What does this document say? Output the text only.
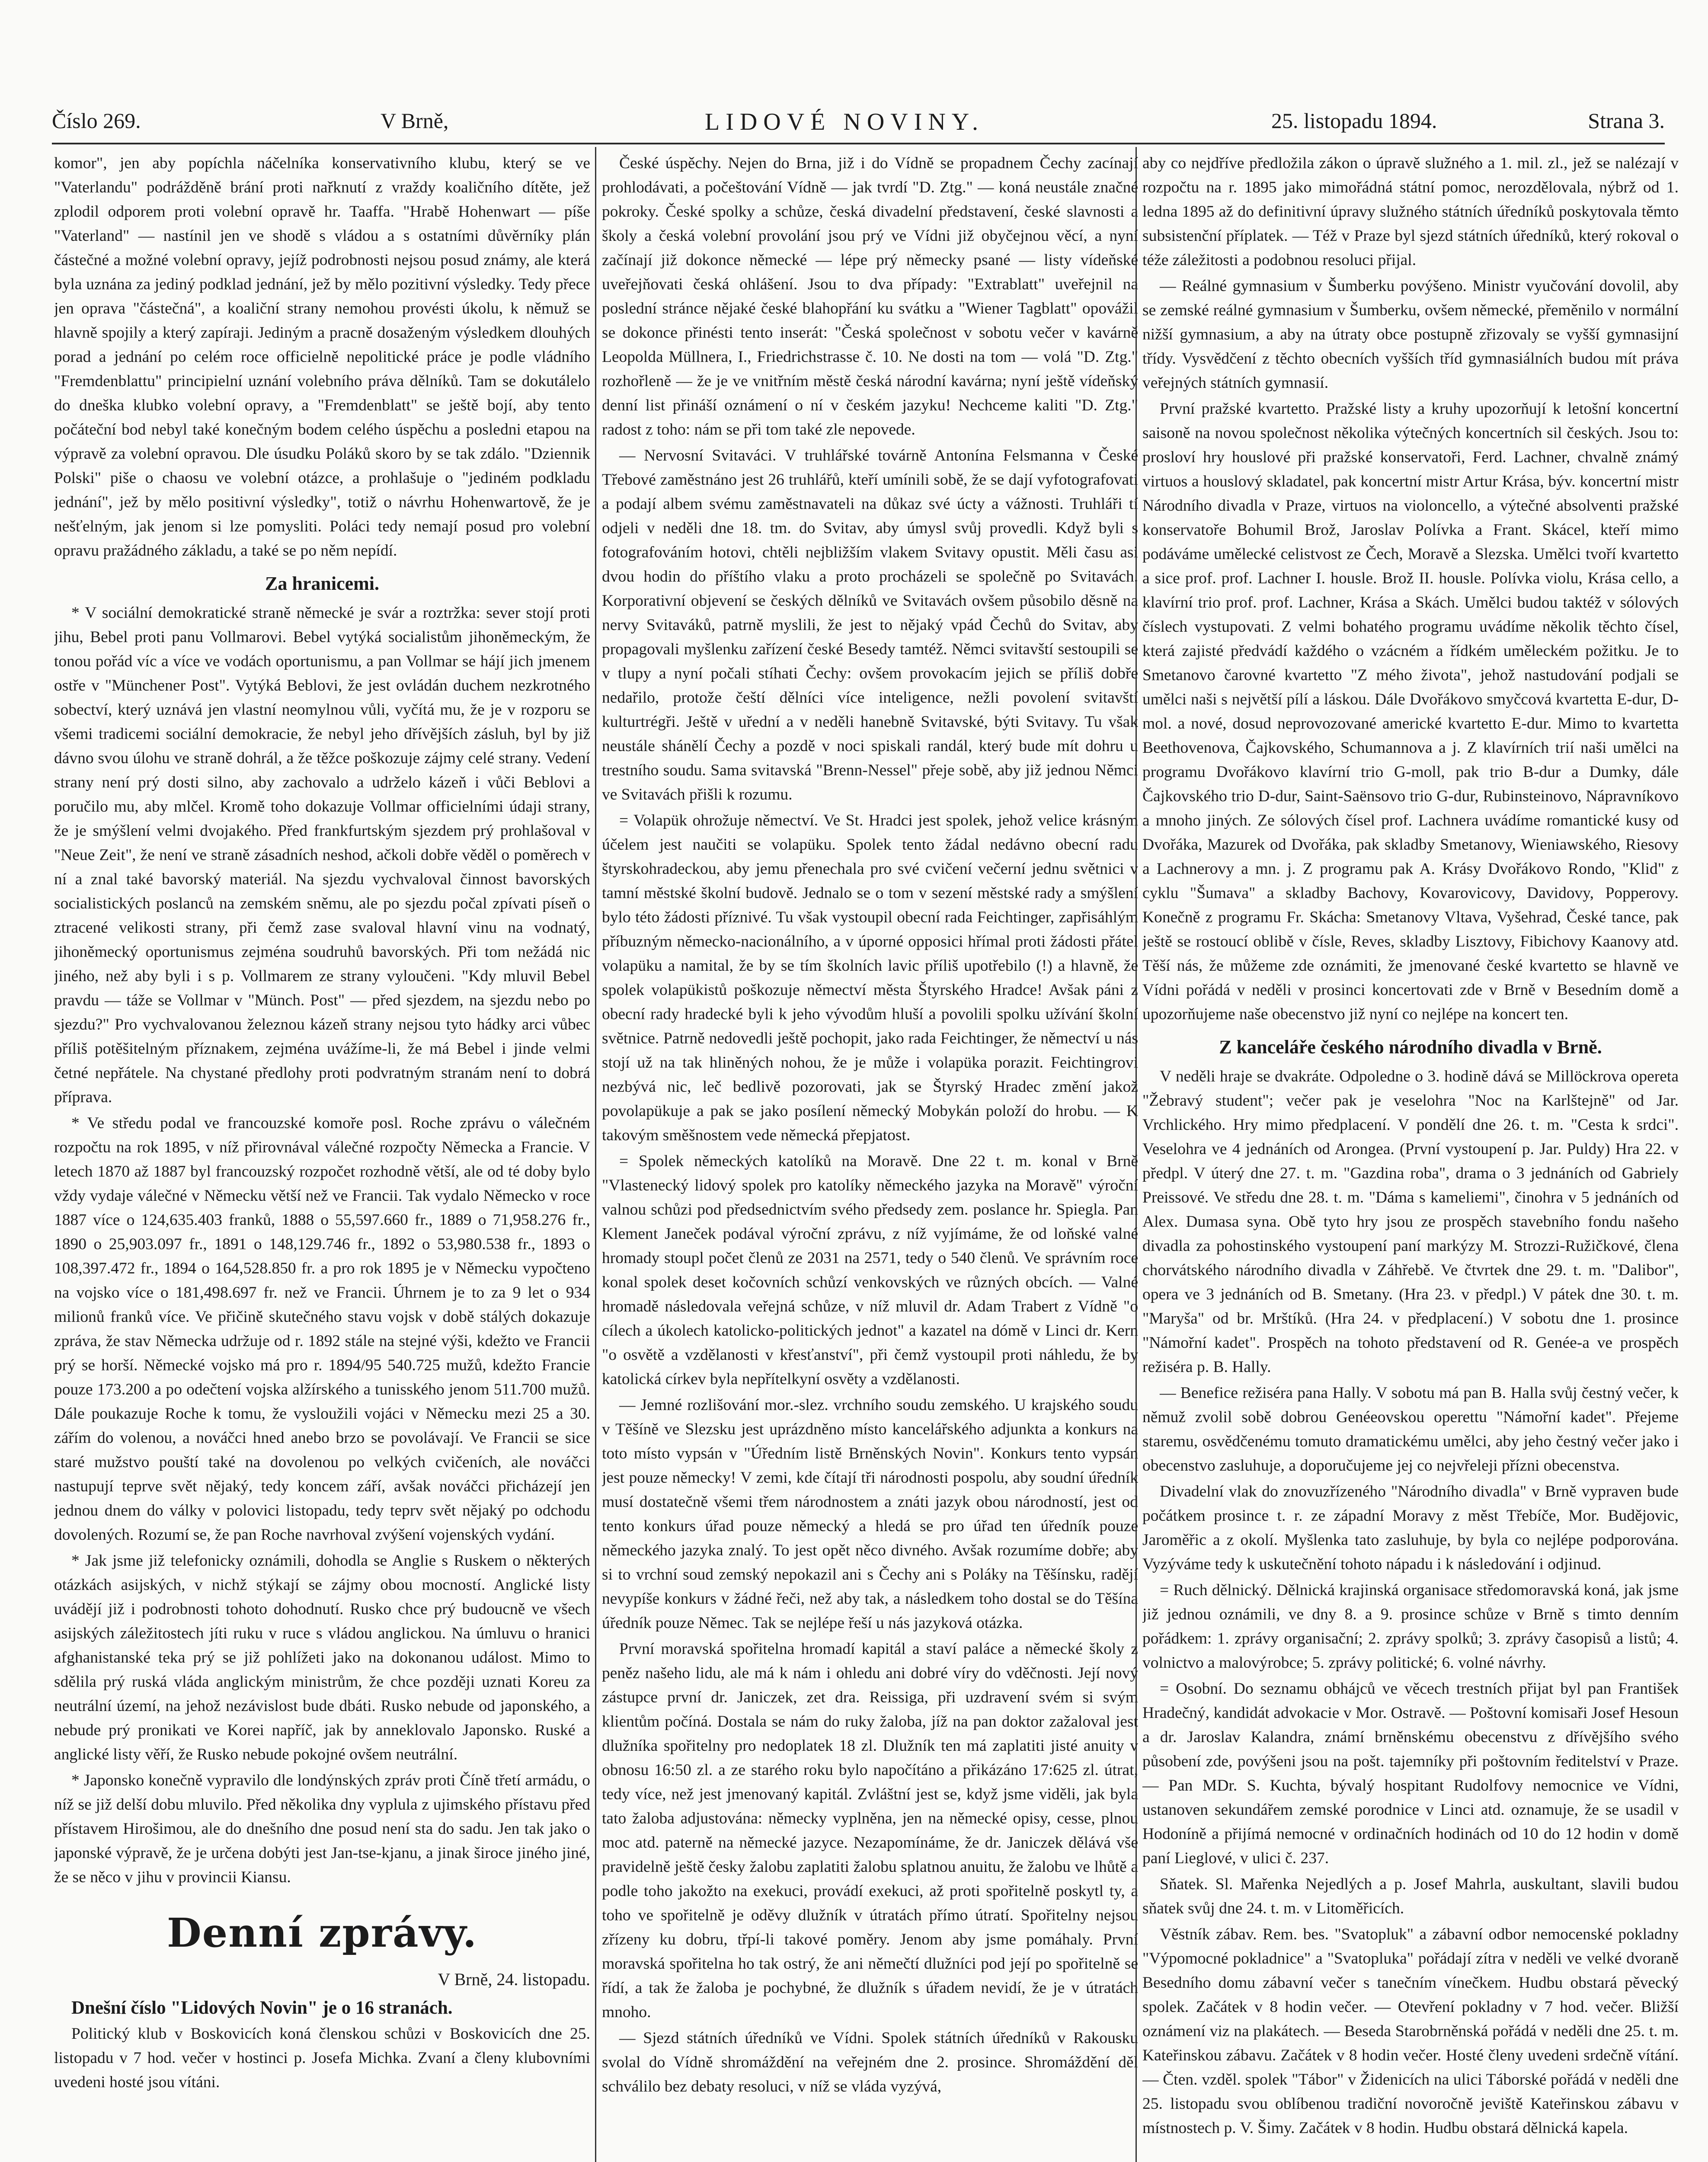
Číslo 269.	V Brně,	LIDOVÉ NOVINY.	25. listopadu 1894.	Strana 3.

komor", jen aby popíchla náčelníka konservativního klubu, který se ve "Vaterlandu" podrážděně brání proti nařknutí z vraždy koaličního dítěte, jež zplodil odporem proti volební opravě hr. Taaffa. "Hrabě Hohenwart — píše "Vaterland" — nastínil jen ve shodě s vládou a s ostatními důvěrníky plán částečné a možné volební opravy, jejíž podrobnosti nejsou posud známy, ale která byla uznána za jediný podklad jednání, jež by mělo pozitivní výsledky. Tedy přece jen oprava "částečná", a koaliční strany nemohou provésti úkolu, k němuž se hlavně spojily a který zapíraji. Jediným a pracně dosaženým výsledkem dlouhých porad a jednání po celém roce officielně nepolitické práce je podle vládního "Fremdenblattu" principielní uznání volebního práva dělníků. Tam se dokutálelo do dneška klubko volební opravy, a "Fremdenblatt" se ještě bojí, aby tento počáteční bod nebyl také konečným bodem celého úspěchu a posledni etapou na výpravě za volební opravou. Dle úsudku Poláků skoro by se tak zdálo. "Dziennik Polski" piše o chaosu ve volební otázce, a prohlašuje o "jediném podkladu jednání", jež by mělo positivní výsledky", totiž o návrhu Hohenwartově, že je nešťelným, jak jenom si lze pomysliti. Poláci tedy nemají posud pro volební opravu pražádného základu, a také se po něm nepídí.

Za hranicemi.

* V sociální demokratické straně německé je svár a roztržka: sever stojí proti jihu, Bebel proti panu Vollmarovi. Bebel vytýká socialistům jihoněmeckým, že tonou pořád víc a více ve vodách oportunismu, a pan Vollmar se hájí jich jmenem ostře v "Münchener Post". Vytýká Beblovi, že jest ovládán duchem nezkrotného sobectví, který uznává jen vlastní neomylnou vůli, vyčítá mu, že je v rozporu se všemi tradicemi sociální demokracie, že nebyl jeho dřívějších zásluh, byl by již dávno svou úlohu ve straně dohrál, a že těžce poškozuje zájmy celé strany. Vedení strany není prý dosti silno, aby zachovalo a udrželo kázeň i vůči Beblovi a poručilo mu, aby mlčel. Kromě toho dokazuje Vollmar officielními údaji strany, že je smýšlení velmi dvojakého. Před frankfurtským sjezdem prý prohlašoval v "Neue Zeit", že není ve straně zásadních neshod, ačkoli dobře věděl o poměrech v ní a znal také bavorský materiál. Na sjezdu vychvaloval činnost bavorských socialistických poslanců na zemském sněmu, ale po sjezdu počal zpívati píseň o ztracené velikosti strany, při čemž zase svaloval hlavní vinu na vodnatý, jihoněmecký oportunismus zejména soudruhů bavorských. Při tom nežádá nic jiného, než aby byli i s p. Vollmarem ze strany vyloučeni. "Kdy mluvil Bebel pravdu — táže se Vollmar v "Münch. Post" — před sjezdem, na sjezdu nebo po sjezdu?" Pro vychvalovanou železnou kázeň strany nejsou tyto hádky arci vůbec příliš potěšitelným příznakem, zejména uvážíme-li, že má Bebel i jinde velmi četné nepřátele. Na chystané předlohy proti podvratným stranám není to dobrá příprava.

* Ve středu podal ve francouzské komoře posl. Roche zprávu o válečném rozpočtu na rok 1895, v níž přirovnával válečné rozpočty Německa a Francie. V letech 1870 až 1887 byl francouzský rozpočet rozhodně větší, ale od té doby bylo vždy vydaje válečné v Německu větší než ve Francii. Tak vydalo Německo v roce 1887 více o 124,635.403 franků, 1888 o 55,597.660 fr., 1889 o 71,958.276 fr., 1890 o 25,903.097 fr., 1891 o 148,129.746 fr., 1892 o 53,980.538 fr., 1893 o 108,397.472 fr., 1894 o 164,528.850 fr. a pro rok 1895 je v Německu vypočteno na vojsko více o 181,498.697 fr. než ve Francii. Úhrnem je to za 9 let o 934 milionů franků více. Ve přičině skutečného stavu vojsk v době stálých dokazuje zpráva, že stav Německa udržuje od r. 1892 stále na stejné výši, kdežto ve Francii prý se horší. Německé vojsko má pro r. 1894/95 540.725 mužů, kdežto Francie pouze 173.200 a po odečtení vojska alžírského a tunisského jenom 511.700 mužů. Dále poukazuje Roche k tomu, že vysloužili vojáci v Německu mezi 25 a 30. zářím do volenou, a nováčci hned anebo brzo se povolávají. Ve Francii se sice staré mužstvo pouští také na dovolenou po velkých cvičeních, ale nováčci nastupují teprve svět nějaký, tedy koncem září, avšak nováčci přicházejí jen jednou dnem do války v polovici listopadu, tedy teprv svět nějaký po odchodu dovolených. Rozumí se, že pan Roche navrhoval zvýšení vojenských vydání.

* Jak jsme již telefonicky oznámili, dohodla se Anglie s Ruskem o některých otázkách asijských, v nichž stýkají se zájmy obou mocností. Anglické listy uvádějí již i podrobnosti tohoto dohodnutí. Rusko chce prý budoucně ve všech asijských záležitostech jíti ruku v ruce s vládou anglickou. Na úmluvu o hranici afghanistanské teka prý se již pohlížeti jako na dokonanou událost. Mimo to sdělila prý ruská vláda anglickým ministrům, že chce později uznati Koreu za neutrální území, na jehož nezávislost bude dbáti. Rusko nebude od japonského, a nebude prý pronikati ve Korei napříč, jak by anneklovalo Japonsko. Ruské a anglické listy věří, že Rusko nebude pokojné ovšem neutrální.

* Japonsko konečně vypravilo dle londýnských zpráv proti Číně třetí armádu, o níž se již delší dobu mluvilo. Před několika dny vyplula z ujimského přístavu před přístavem Hirošimou, ale do dnešního dne posud není sta do sadu. Jen tak jako o japonské výpravě, že je určena dobýti jest Jan-tse-kjanu, a jinak široce jiného jiné, že se něco v jihu v provincii Kiansu.

Denní zprávy.
V Brně, 24. listopadu.

Dnešní číslo "Lidových Novin" je o 16 stranách.

Politický klub v Boskovicích koná členskou schůzi v Boskovicích dne 25. listopadu v 7 hod. večer v hostinci p. Josefa Michka. Zvaní a členy klubovními uvedeni hosté jsou vítáni.

České úspěchy. Nejen do Brna, již i do Vídně se propadnem Čechy zacínají prohlodávati, a počeštování Vídně — jak tvrdí "D. Ztg." — koná neustále značné pokroky. České spolky a schůze, česká divadelní představení, české slavnosti a školy a česká volební provolání jsou prý ve Vídni již obyčejnou věcí, a nyní začínají již dokonce německé — lépe prý německy psané — listy vídeňské uveřejňovati česká ohlášení. Jsou to dva případy: "Extrablatt" uveřejnil na poslední stránce nějaké české blahopřání ku svátku a "Wiener Tagblatt" opovážil se dokonce přinésti tento inserát: "Česká společnost v sobotu večer v kavárně Leopolda Müllnera, I., Friedrichstrasse č. 10. Ne dosti na tom — volá "D. Ztg." rozhořleně — že je ve vnitřním městě česká národní kavárna; nyní ještě vídeňský denní list přináší oznámení o ní v českém jazyku! Nechceme kaliti "D. Ztg." radost z toho: nám se při tom také zle nepovede.

— Nervosní Svitaváci. V truhlářské továrně Antonína Felsmanna v České Třebové zaměstnáno jest 26 truhlářů, kteří umínili sobě, že se dají vyfotografovati a podají albem svému zaměstnavateli na důkaz své úcty a vážnosti. Truhláři tí odjeli v neděli dne 18. tm. do Svitav, aby úmysl svůj provedli. Když byli s fotografováním hotovi, chtěli nejbližším vlakem Svitavy opustit. Měli času asi dvou hodin do příštího vlaku a proto procházeli se společně po Svitavách. Korporativní objevení se českých dělníků ve Svitavách ovšem působilo děsně na nervy Svitaváků, patrně myslili, že jest to nějaký vpád Čechů do Svitav, aby propagovali myšlenku zařízení české Besedy tamtéž. Němci svitavští sestoupili se v tlupy a nyní počali stíhati Čechy: ovšem provokacím jejich se příliš dobře nedařilo, protože čeští dělníci více inteligence, nežli povolení svitavští kulturtrégři. Ještě v uřední a v neděli hanebně Svitavské, býti Svitavy. Tu však neustále shánělí Čechy a pozdě v noci spiskali randál, který bude mít dohru u trestního soudu. Sama svitavská "Brenn-Nessel" přeje sobě, aby již jednou Němci ve Svitavách přišli k rozumu.

= Volapük ohrožuje němectví. Ve St. Hradci jest spolek, jehož velice krásným účelem jest naučiti se volapüku. Spolek tento žádal nedávno obecní radu štyrskohradeckou, aby jemu přenechala pro své cvičení večerní jednu světnici v tamní městské školní budově. Jednalo se o tom v sezení městské rady a smýšlení bylo této žádosti příznivé. Tu však vystoupil obecní rada Feichtinger, zapřisáhlým příbuzným německo-nacionálního, a v úporné opposici hřímal proti žádosti přátel volapüku a namital, že by se tím školních lavic příliš upotřebilo (!) a hlavně, že spolek volapükistů poškozuje němectví města Štyrského Hradce! Avšak páni z obecní rady hradecké byli k jeho vývodům hluší a povolili spolku užívání školní světnice. Patrně nedovedli ještě pochopit, jako rada Feichtinger, že němectví u nás stojí už na tak hliněných nohou, že je může i volapüka porazit. Feichtingrovi nezbývá nic, leč bedlivě pozorovati, jak se Štyrský Hradec změní jakož povolapükuje a pak se jako posílení německý Mobykán položí do hrobu. — K takovým směšnostem vede německá přepjatost.

= Spolek německých katolíků na Moravě. Dne 22 t. m. konal v Brně "Vlastenecký lidový spolek pro katolíky německého jazyka na Moravě" výroční valnou schůzi pod předsednictvím svého předsedy zem. poslance hr. Spiegla. Pan Klement Janeček podával výroční zprávu, z níž vyjímáme, že od loňské valné hromady stoupl počet členů ze 2031 na 2571, tedy o 540 členů. Ve správním roce konal spolek deset kočovních schůzí venkovských ve různých obcích. — Valné hromadě následovala veřejná schůze, v níž mluvil dr. Adam Trabert z Vídně "o cílech a úkolech katolicko-politických jednot" a kazatel na dómě v Linci dr. Kern "o osvětě a vzdělanosti v křesťanství", při čemž vystoupil proti náhledu, že by katolická církev byla nepřítelkyní osvěty a vzdělanosti.

— Jemné rozlišování mor.-slez. vrchního soudu zemského. U krajského soudu v Těšíně ve Slezsku jest uprázdněno místo kancelářského adjunkta a konkurs na toto místo vypsán v "Úředním listě Brněnských Novin". Konkurs tento vypsán jest pouze německy! V zemi, kde čítají tři národnosti pospolu, aby soudní úředník musí dostatečně všemi třem národnostem a znáti jazyk obou národností, jest od tento konkurs úřad pouze německý a hledá se pro úřad ten úředník pouze německého jazyka znalý. To jest opět něco divného. Avšak rozumíme dobře; aby si to vrchní soud zemský nepokazil ani s Čechy ani s Poláky na Těšínsku, radějí nevypíše konkurs v žádné řeči, než aby tak, a následkem toho dostal se do Těšína úředník pouze Němec. Tak se nejlépe řeší u nás jazyková otázka.

První moravská spořitelna hromadí kapitál a staví paláce a německé školy z peněz našeho lidu, ale má k nám i ohledu ani dobré víry do vděčnosti. Její nový zástupce první dr. Janiczek, zet dra. Reissiga, při uzdravení svém si svým klientům počíná. Dostala se nám do ruky žaloba, jíž na pan doktor zažaloval jest dlužníka spořitelny pro nedoplatek 18 zl. Dlužník ten má zaplatiti jisté anuity v obnosu 16:50 zl. a ze starého roku bylo napočítáno a přikázáno 17:625 zl. útrat, tedy více, než jest jmenovaný kapitál. Zvláštní jest se, když jsme viděli, jak byla tato žaloba adjustována: německy vyplněna, jen na německé opisy, cesse, plnou moc atd. paterně na německé jazyce. Nezapomínáme, že dr. Janiczek dělává vše pravidelně ještě česky žalobu zaplatiti žalobu splatnou anuitu, že žalobu ve lhůtě a podle toho jakožto na exekuci, provádí exekuci, až proti spořitelně poskytl ty, a toho ve spořitelně je oděvy dlužník v útratách přímo útratí. Spořitelny nejsou zřízeny ku dobru, třpí-li takové poměry. Jenom aby jsme pomáhaly. První moravská spořitelna ho tak ostrý, že ani němečtí dlužníci pod její po spořitelně se řídí, a tak že žaloba je pochybné, že dlužník s úřadem nevidí, že je v útratách mnoho.

— Sjezd státních úředníků ve Vídni. Spolek státních úředníků v Rakousku svolal do Vídně shromáždění na veřejném dne 2. prosince. Shromáždění děl schválilo bez debaty resoluci, v níž se vláda vyzývá,

aby co nejdříve předložila zákon o úpravě služného a 1. mil. zl., jež se nalézají v rozpočtu na r. 1895 jako mimořádná státní pomoc, nerozdělovala, nýbrž od 1. ledna 1895 až do definitivní úpravy služného státních úředníků poskytovala těmto subsistenční příplatek. — Též v Praze byl sjezd státních úředníků, který rokoval o téže záležitosti a podobnou resoluci přijal.

— Reálné gymnasium v Šumberku povýšeno. Ministr vyučování dovolil, aby se zemské reálné gymnasium v Šumberku, ovšem německé, přeměnilo v normální nižší gymnasium, a aby na útraty obce postupně zřizovaly se vyšší gymnasijní třídy. Vysvědčení z těchto obecních vyšších tříd gymnasiálních budou mít práva veřejných státních gymnasií.

První pražské kvartetto. Pražské listy a kruhy upozorňují k letošní koncertní saisoně na novou společnost několika výtečných koncertních sil českých. Jsou to: prosloví hry houslové při pražské konservatoři, Ferd. Lachner, chvalně známý virtuos a houslový skladatel, pak koncertní mistr Artur Krása, býv. koncertní mistr Národního divadla v Praze, virtuos na violoncello, a výtečné absolventi pražské konservatoře Bohumil Brož, Jaroslav Polívka a Frant. Skácel, kteří mimo podáváme umělecké celistvost ze Čech, Moravě a Slezska. Umělci tvoří kvartetto a sice prof. prof. Lachner I. housle. Brož II. housle. Polívka violu, Krása cello, a klavírní trio prof. prof. Lachner, Krása a Skách. Umělci budou taktéž v sólových číslech vystupovati. Z velmi bohatého programu uvádíme několik těchto čísel, která zajisté předvádí každého o vzácném a řídkém uměleckém požitku. Je to Smetanovo čarovné kvartetto "Z mého života", jehož nastudování podjali se umělci naši s největší pílí a láskou. Dále Dvořákovo smyčcová kvartetta E-dur, D-mol. a nové, dosud neprovozované americké kvartetto E-dur. Mimo to kvartetta Beethovenova, Čajkovského, Schumannova a j. Z klavírních trií naši umělci na programu Dvořákovo klavírní trio G-moll, pak trio B-dur a Dumky, dále Čajkovského trio D-dur, Saint-Saënsovo trio G-dur, Rubinsteinovo, Nápravníkovo a mnoho jiných. Ze sólových čísel prof. Lachnera uvádíme romantické kusy od Dvořáka, Mazurek od Dvořáka, pak skladby Smetanovy, Wieniawského, Riesovy a Lachnerovy a mn. j. Z programu pak A. Krásy Dvořákovo Rondo, "Klid" z cyklu "Šumava" a skladby Bachovy, Kovarovicovy, Davidovy, Popperovy. Konečně z programu Fr. Skácha: Smetanovy Vltava, Vyšehrad, České tance, pak ještě se rostoucí oblibě v čísle, Reves, skladby Lisztovy, Fibichovy Kaanovy atd. Těší nás, že můžeme zde oznámiti, že jmenované české kvartetto se hlavně ve Vídni pořádá v neděli v prosinci koncertovati zde v Brně v Besedním domě a upozorňujeme naše obecenstvo již nyní co nejlépe na koncert ten.

Z kanceláře českého národního divadla v Brně.

V neděli hraje se dvakráte. Odpoledne o 3. hodině dává se Millöckrova opereta "Žebravý student"; večer pak je veselohra "Noc na Karlštejně" od Jar. Vrchlického. Hry mimo předplacení. V pondělí dne 26. t. m. "Cesta k srdci". Veselohra ve 4 jednáních od Arongea. (První vystoupení p. Jar. Puldy) Hra 22. v předpl. V úterý dne 27. t. m. "Gazdina roba", drama o 3 jednáních od Gabriely Preissové. Ve středu dne 28. t. m. "Dáma s kameliemi", činohra v 5 jednáních od Alex. Dumasa syna. Obě tyto hry jsou ze prospěch stavebního fondu našeho divadla za pohostinského vystoupení paní markýzy M. Strozzi-Ružičkové, člena chorvátského národního divadla v Záhřebě. Ve čtvrtek dne 29. t. m. "Dalibor", opera ve 3 jednáních od B. Smetany. (Hra 23. v předpl.) V pátek dne 30. t. m. "Maryša" od br. Mrštíků. (Hra 24. v předplacení.) V sobotu dne 1. prosince "Námořní kadet". Prospěch na tohoto představení od R. Genée-a ve prospěch režiséra p. B. Hally.

— Benefice režiséra pana Hally. V sobotu má pan B. Halla svůj čestný večer, k němuž zvolil sobě dobrou Genéeovskou operettu "Námořní kadet". Přejeme staremu, osvědčenému tomuto dramatickému umělci, aby jeho čestný večer jako i obecenstvo zasluhuje, a doporučujeme jej co nejvřeleji přízni obecenstva.

Divadelní vlak do znovuzřízeného "Národního divadla" v Brně vypraven bude počátkem prosince t. r. ze západní Moravy z měst Třebíče, Mor. Budějovic, Jaroměřic a z okolí. Myšlenka tato zasluhuje, by byla co nejlépe podporována. Vyzýváme tedy k uskutečnění tohoto nápadu i k následování i odjinud.

= Ruch dělnický. Dělnická krajinská organisace středomoravská koná, jak jsme již jednou oznámili, ve dny 8. a 9. prosince schůze v Brně s timto denním pořádkem: 1. zprávy organisační; 2. zprávy spolků; 3. zprávy časopisů a listů; 4. volnictvo a malovýrobce; 5. zprávy politické; 6. volné návrhy.

= Osobní. Do seznamu obhájců ve věcech trestních přijat byl pan František Hradečný, kandidát advokacie v Mor. Ostravě. — Poštovní komisaři Josef Hesoun a dr. Jaroslav Kalandra, známí brněnskému obecenstvu z dřívějšího svého působení zde, povýšeni jsou na pošt. tajemníky při poštovním ředitelství v Praze. — Pan MDr. S. Kuchta, bývalý hospitant Rudolfovy nemocnice ve Vídni, ustanoven sekundářem zemské porodnice v Linci atd. oznamuje, že se usadil v Hodoníně a přijímá nemocné v ordinačních hodinách od 10 do 12 hodin v domě paní Lieglové, v ulici č. 237.

Sňatek. Sl. Mařenka Nejedlých a p. Josef Mahrla, auskultant, slavili budou sňatek svůj dne 24. t. m. v Litoměřicích.

Věstník zábav. Rem. bes. "Svatopluk" a zábavní odbor nemocenské pokladny "Výpomocné pokladnice" a "Svatopluka" pořádají zítra v neděli ve velké dvoraně Besedního domu zábavní večer s tanečním vínečkem. Hudbu obstará pěvecký spolek. Začátek v 8 hodin večer. — Otevření pokladny v 7 hod. večer. Bližší oznámení viz na plakátech. — Beseda Starobrněnská pořádá v neděli dne 25. t. m. Kateřinskou zábavu. Začátek v 8 hodin večer. Hosté členy uvedeni srdečně vítání. — Čten. vzděl. spolek "Tábor" v Židenicích na ulici Táborské pořádá v neděli dne 25. listopadu svou oblíbenou tradiční novoročně jeviště Kateřinskou zábavu v místnostech p. V. Šimy. Začátek v 8 hodin. Hudbu obstará dělnická kapela.
